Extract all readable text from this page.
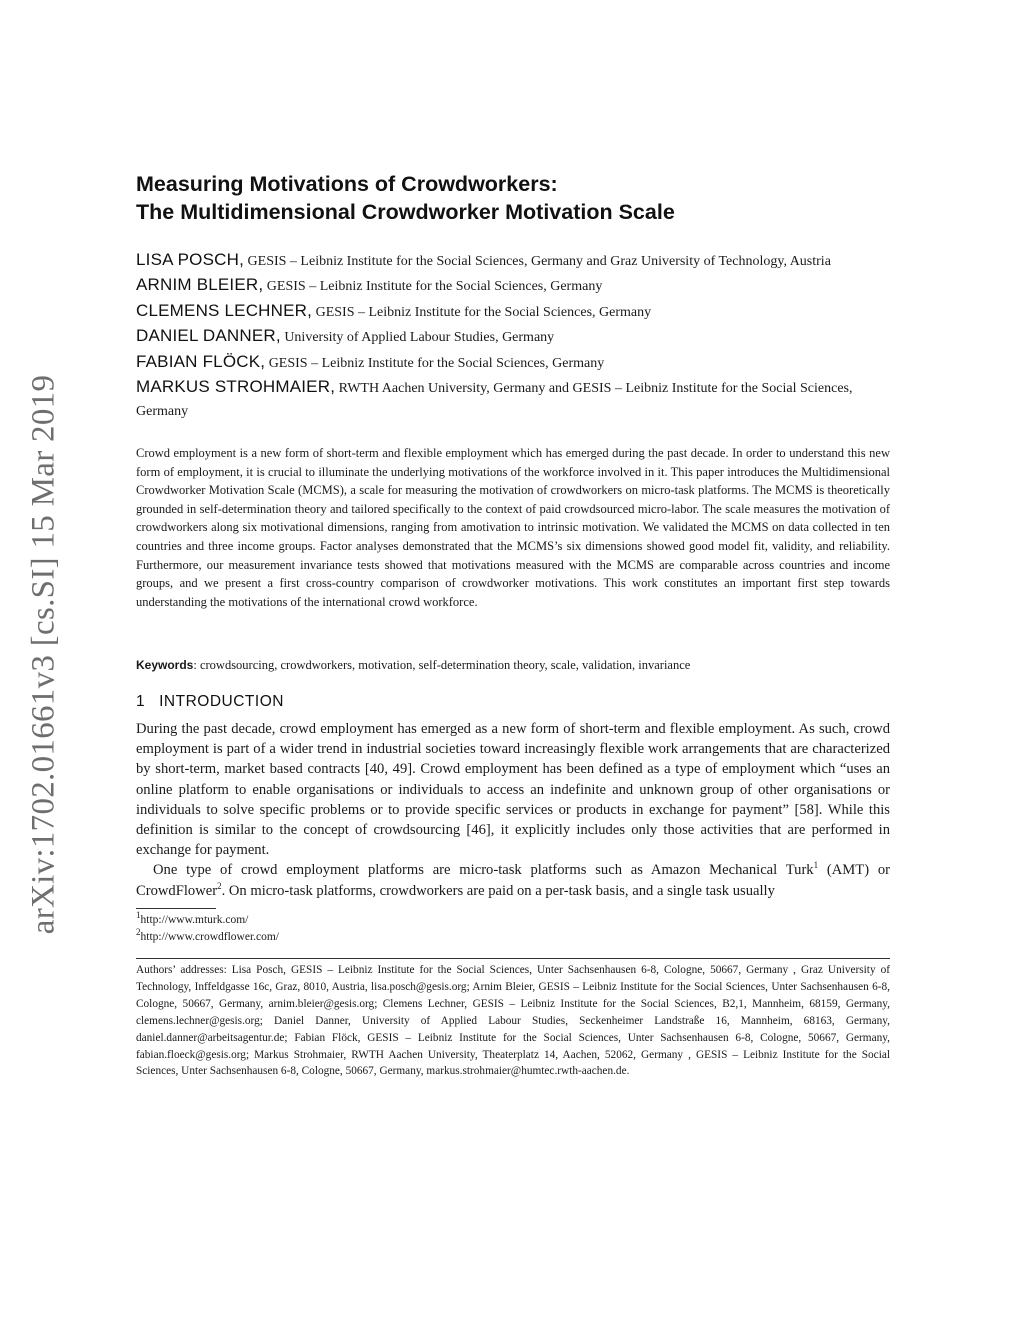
arXiv:1702.01661v3 [cs.SI] 15 Mar 2019
Measuring Motivations of Crowdworkers:
The Multidimensional Crowdworker Motivation Scale

LISA POSCH, GESIS – Leibniz Institute for the Social Sciences, Germany and Graz University of Technology, Austria

ARNIM BLEIER, GESIS – Leibniz Institute for the Social Sciences, Germany

CLEMENS LECHNER, GESIS – Leibniz Institute for the Social Sciences, Germany

DANIEL DANNER, University of Applied Labour Studies, Germany

FABIAN FLÖCK, GESIS – Leibniz Institute for the Social Sciences, Germany

MARKUS STROHMAIER, RWTH Aachen University, Germany and GESIS – Leibniz Institute for the Social Sciences, Germany

Crowd employment is a new form of short-term and flexible employment which has emerged during the past decade. In order to understand this new form of employment, it is crucial to illuminate the underlying motivations of the workforce involved in it. This paper introduces the Multidimensional Crowdworker Motivation Scale (MCMS), a scale for measuring the motivation of crowdworkers on micro-task platforms. The MCMS is theoretically grounded in self-determination theory and tailored specifically to the context of paid crowdsourced micro-labor. The scale measures the motivation of crowdworkers along six motivational dimensions, ranging from amotivation to intrinsic motivation. We validated the MCMS on data collected in ten countries and three income groups. Factor analyses demonstrated that the MCMS’s six dimensions showed good model fit, validity, and reliability. Furthermore, our measurement invariance tests showed that motivations measured with the MCMS are comparable across countries and income groups, and we present a first cross-country comparison of crowdworker motivations. This work constitutes an important first step towards understanding the motivations of the international crowd workforce.

Keywords: crowdsourcing, crowdworkers, motivation, self-determination theory, scale, validation, invariance

1 INTRODUCTION

During the past decade, crowd employment has emerged as a new form of short-term and flexible employment. As such, crowd employment is part of a wider trend in industrial societies toward increasingly flexible work arrangements that are characterized by short-term, market based contracts [40, 49]. Crowd employment has been defined as a type of employment which “uses an online platform to enable organisations or individuals to access an indefinite and unknown group of other organisations or individuals to solve specific problems or to provide specific services or products in exchange for payment” [58]. While this definition is similar to the concept of crowdsourcing [46], it explicitly includes only those activities that are performed in exchange for payment.

One type of crowd employment platforms are micro-task platforms such as Amazon Mechanical Turk$^1$ (AMT) or CrowdFlower$^2$. On micro-task platforms, crowdworkers are paid on a per-task basis, and a single task usually

$^1$http://www.mturk.com/

$^2$http://www.crowdflower.com/

Authors’ addresses: Lisa Posch, GESIS – Leibniz Institute for the Social Sciences, Unter Sachsenhausen 6-8, Cologne, 50667, Germany , Graz University of Technology, Inffeldgasse 16c, Graz, 8010, Austria, lisa.posch@gesis.org; Arnim Bleier, GESIS – Leibniz Institute for the Social Sciences, Unter Sachsenhausen 6-8, Cologne, 50667, Germany, arnim.bleier@gesis.org; Clemens Lechner, GESIS – Leibniz Institute for the Social Sciences, B2,1, Mannheim, 68159, Germany, clemens.lechner@gesis.org; Daniel Danner, University of Applied Labour Studies, Seckenheimer Landstraße 16, Mannheim, 68163, Germany, daniel.danner@arbeitsagentur.de; Fabian Flöck, GESIS – Leibniz Institute for the Social Sciences, Unter Sachsenhausen 6-8, Cologne, 50667, Germany, fabian.floeck@gesis.org; Markus Strohmaier, RWTH Aachen University, Theaterplatz 14, Aachen, 52062, Germany , GESIS – Leibniz Institute for the Social Sciences, Unter Sachsenhausen 6-8, Cologne, 50667, Germany, markus.strohmaier@humtec.rwth-aachen.de.
